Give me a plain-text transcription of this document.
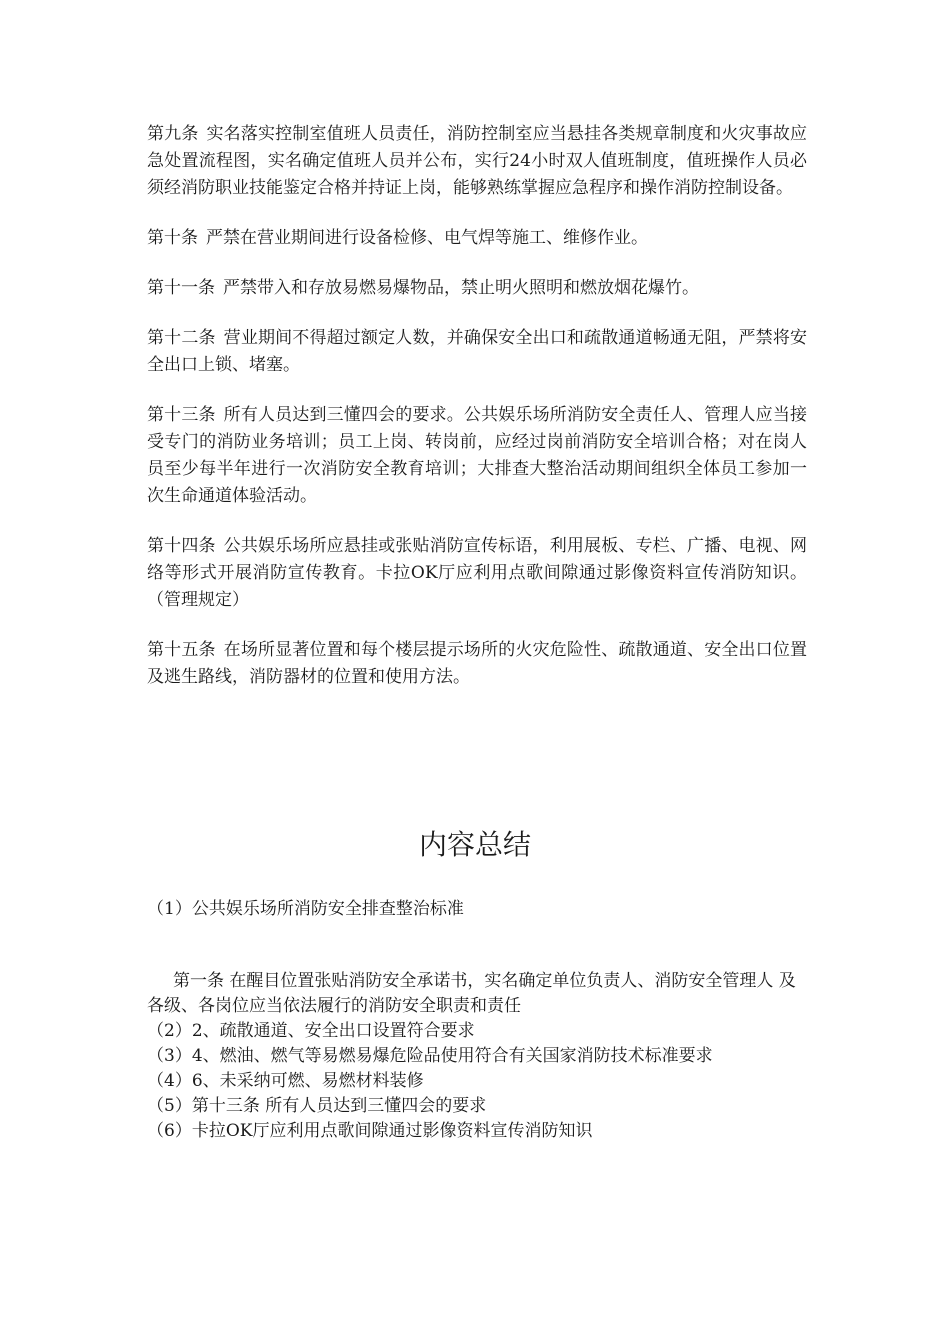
第九条 实名落实控制室值班人员责任，消防控制室应当悬挂各类规章制度和火灾事故应急处置流程图，实名确定值班人员并公布，实行24小时双人值班制度，值班操作人员必须经消防职业技能鉴定合格并持证上岗，能够熟练掌握应急程序和操作消防控制设备。

第十条 严禁在营业期间进行设备检修、电气焊等施工、维修作业。

第十一条 严禁带入和存放易燃易爆物品，禁止明火照明和燃放烟花爆竹。

第十二条 营业期间不得超过额定人数，并确保安全出口和疏散通道畅通无阻，严禁将安全出口上锁、堵塞。

第十三条 所有人员达到三懂四会的要求。公共娱乐场所消防安全责任人、管理人应当接受专门的消防业务培训；员工上岗、转岗前，应经过岗前消防安全培训合格；对在岗人员至少每半年进行一次消防安全教育培训；大排查大整治活动期间组织全体员工参加一次生命通道体验活动。

第十四条 公共娱乐场所应悬挂或张贴消防宣传标语，利用展板、专栏、广播、电视、网络等形式开展消防宣传教育。卡拉OK厅应利用点歌间隙通过影像资料宣传消防知识。（管理规定）

第十五条 在场所显著位置和每个楼层提示场所的火灾危险性、疏散通道、安全出口位置及逃生路线，消防器材的位置和使用方法。

内容总结
（1）公共娱乐场所消防安全排查整治标准

第一条 在醒目位置张贴消防安全承诺书，实名确定单位负责人、消防安全管理人 及各级、各岗位应当依法履行的消防安全职责和责任

（2）2、疏散通道、安全出口设置符合要求

（3）4、燃油、燃气等易燃易爆危险品使用符合有关国家消防技术标准要求

（4）6、未采纳可燃、易燃材料装修

（5）第十三条 所有人员达到三懂四会的要求

（6）卡拉OK厅应利用点歌间隙通过影像资料宣传消防知识
